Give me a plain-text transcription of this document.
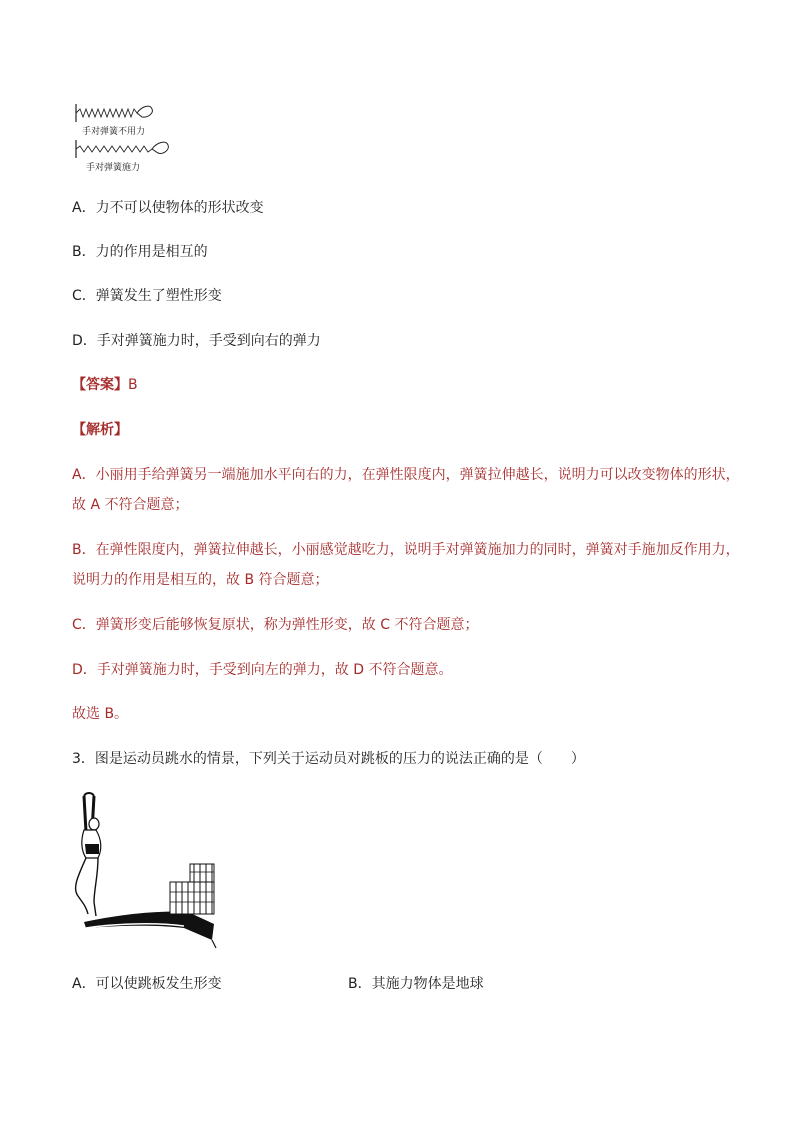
手对弹簧不用力
手对弹簧施力
A．力不可以使物体的形状改变
B．力的作用是相互的
C．弹簧发生了塑性形变
D．手对弹簧施力时，手受到向右的弹力
【答案】B
【解析】
A．小丽用手给弹簧另一端施加水平向右的力，在弹性限度内，弹簧拉伸越长，说明力可以改变物体的形状，
故 A 不符合题意；
B．在弹性限度内，弹簧拉伸越长，小丽感觉越吃力，说明手对弹簧施加力的同时，弹簧对手施加反作用力，
说明力的作用是相互的，故 B 符合题意；
C．弹簧形变后能够恢复原状，称为弹性形变，故 C 不符合题意；
D．手对弹簧施力时，手受到向左的弹力，故 D 不符合题意。
故选 B。
3．图是运动员跳水的情景，下列关于运动员对跳板的压力的说法正确的是（　　）
A．可以使跳板发生形变	B．其施力物体是地球
